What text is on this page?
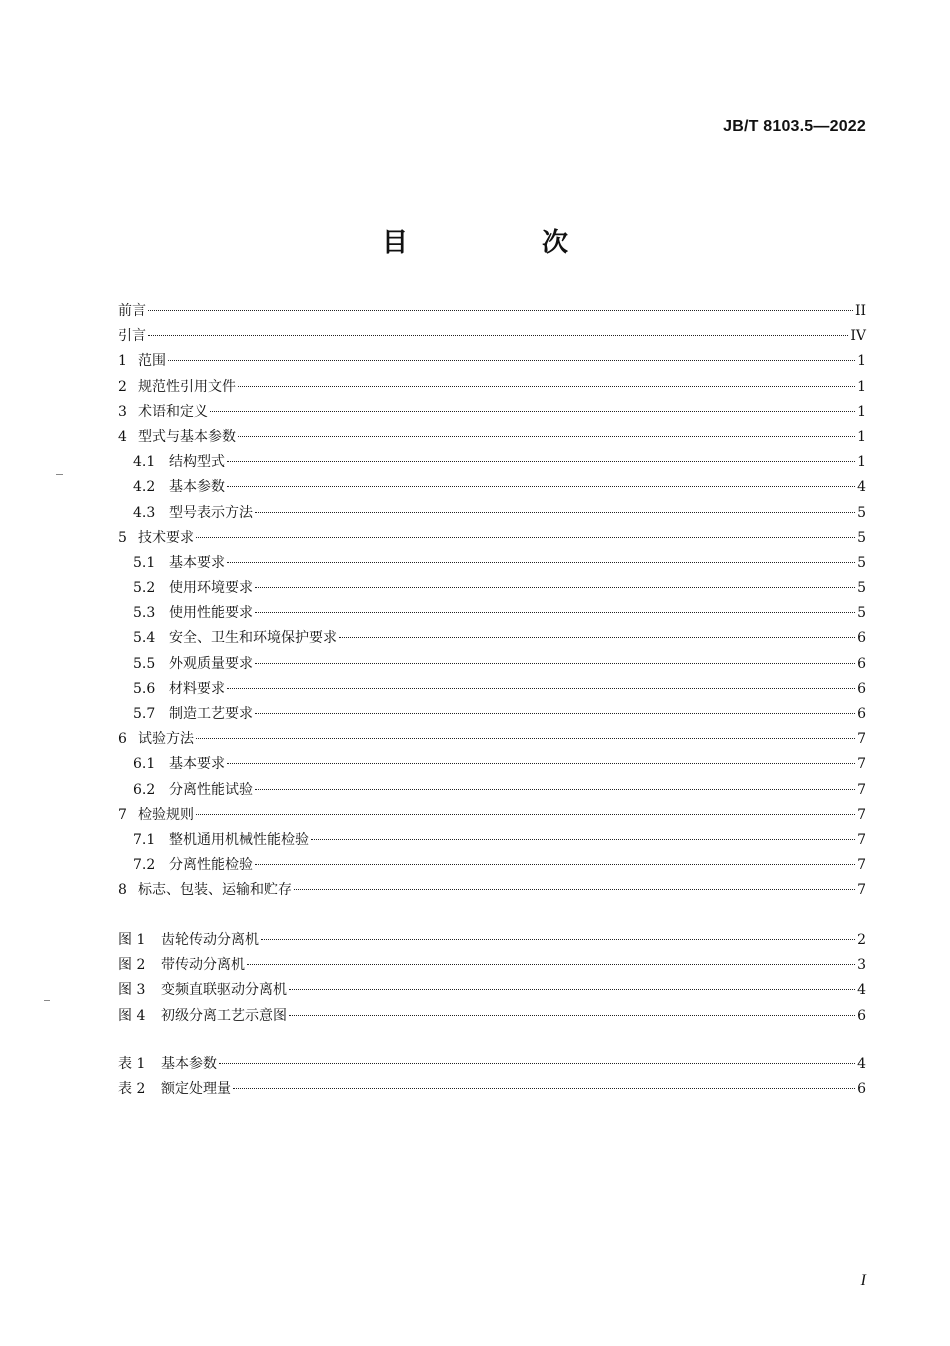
JB/T 8103.5—2022
目　次
前言	II
引言	IV
1 范围	1
2 规范性引用文件	1
3 术语和定义	1
4 型式与基本参数	1
4.1 结构型式	1
4.2 基本参数	4
4.3 型号表示方法	5
5 技术要求	5
5.1 基本要求	5
5.2 使用环境要求	5
5.3 使用性能要求	5
5.4 安全、卫生和环境保护要求	6
5.5 外观质量要求	6
5.6 材料要求	6
5.7 制造工艺要求	6
6 试验方法	7
6.1 基本要求	7
6.2 分离性能试验	7
7 检验规则	7
7.1 整机通用机械性能检验	7
7.2 分离性能检验	7
8 标志、包装、运输和贮存	7
图 1	齿轮传动分离机	2
图 2	带传动分离机	3
图 3	变频直联驱动分离机	4
图 4	初级分离工艺示意图	6
表 1	基本参数	4
表 2	额定处理量	6
I
